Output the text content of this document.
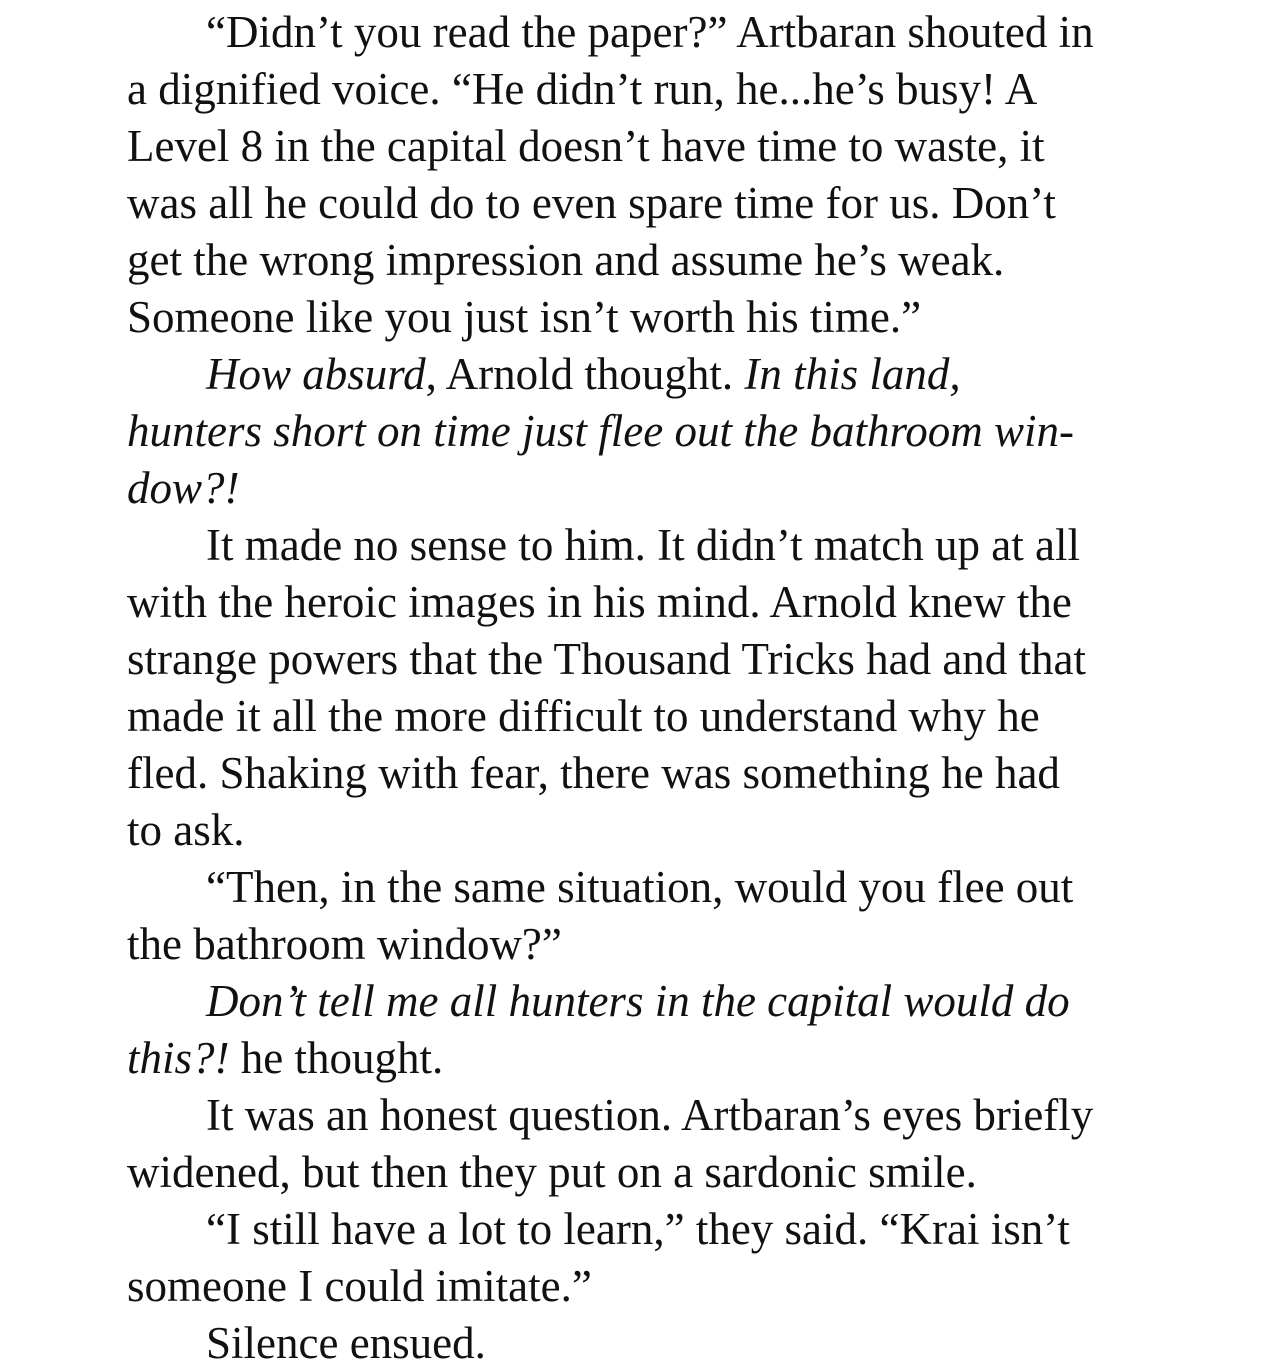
“Didn’t you read the paper?” Artbaran shouted in
a dignified voice. “He didn’t run, he...he’s busy! A
Level 8 in the capital doesn’t have time to waste, it
was all he could do to even spare time for us. Don’t
get the wrong impression and assume he’s weak.
Someone like you just isn’t worth his time.”
How absurd, Arnold thought. In this land,
hunters short on time just flee out the bathroom win-
dow?!
It made no sense to him. It didn’t match up at all
with the heroic images in his mind. Arnold knew the
strange powers that the Thousand Tricks had and that
made it all the more difficult to understand why he
fled. Shaking with fear, there was something he had
to ask.
“Then, in the same situation, would you flee out
the bathroom window?”
Don’t tell me all hunters in the capital would do
this?! he thought.
It was an honest question. Artbaran’s eyes briefly
widened, but then they put on a sardonic smile.
“I still have a lot to learn,” they said. “Krai isn’t
someone I could imitate.”
Silence ensued.
